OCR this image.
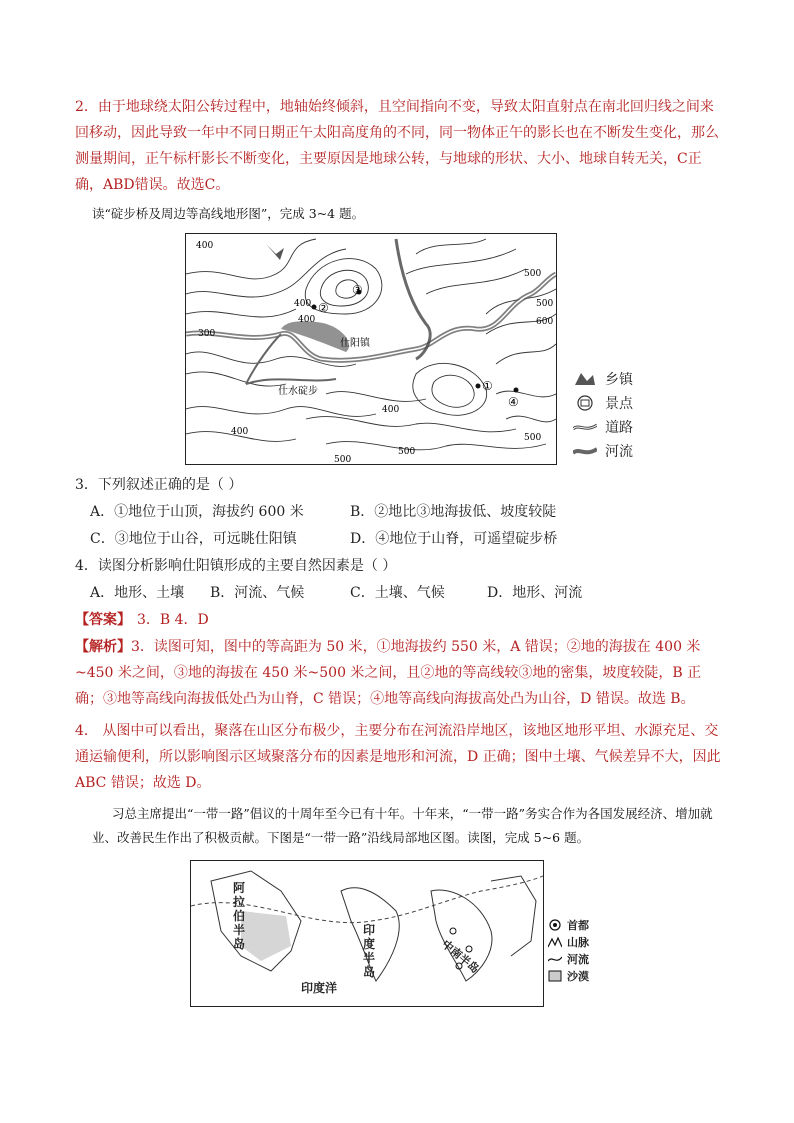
2．由于地球绕太阳公转过程中，地轴始终倾斜，且空间指向不变，导致太阳直射点在南北回归线之间来回移动，因此导致一年中不同日期正午太阳高度角的不同，同一物体正午的影长也在不断发生变化，那么测量期间，正午标杆影长不断变化，主要原因是地球公转，与地球的形状、大小、地球自转无关，C正确，ABD错误。故选C。

读“碇步桥及周边等高线地形图”，完成 3~4 题。
400
400
400
300
500
500
600
400
400
500
500
500
仕阳镇
仕水碇步	①
②
③
④
乡镇
景点
道路
河流
3．下列叙述正确的是（ ）
A．①地位于山顶，海拔约 600 米	B．②地比③地海拔低、坡度较陡
C．③地位于山谷，可远眺仕阳镇	D．④地位于山脊，可遥望碇步桥
4．读图分析影响仕阳镇形成的主要自然因素是（ ）
A．地形、土壤 B．河流、气候	C．土壤、气候	D．地形、河流
【答案】 3．B 4．D

【解析】3．读图可知，图中的等高距为 50 米，①地海拔约 550 米，A 错误；②地的海拔在 400 米~450 米之间，③地的海拔在 450 米~500 米之间，且②地的等高线较③地的密集，坡度较陡，B 正确；③地等高线向海拔低处凸为山脊，C 错误；④地等高线向海拔高处凸为山谷，D 错误。故选 B。

4． 从图中可以看出，聚落在山区分布极少，主要分布在河流沿岸地区，该地区地形平坦、水源充足、交通运输便利，所以影响图示区域聚落分布的因素是地形和河流，D 正确；图中土壤、气候差异不大，因此 ABC 错误；故选 D。

习总主席提出“一带一路”倡议的十周年至今已有十年。十年来，“一带一路”务实合作为各国发展经济、增加就业、改善民生作出了积极贡献。下图是“一带一路”沿线局部地区图。读图，完成 5~6 题。
阿拉伯半岛
印度半岛
印度洋
中南半岛
首都
山脉
河流
沙漠
